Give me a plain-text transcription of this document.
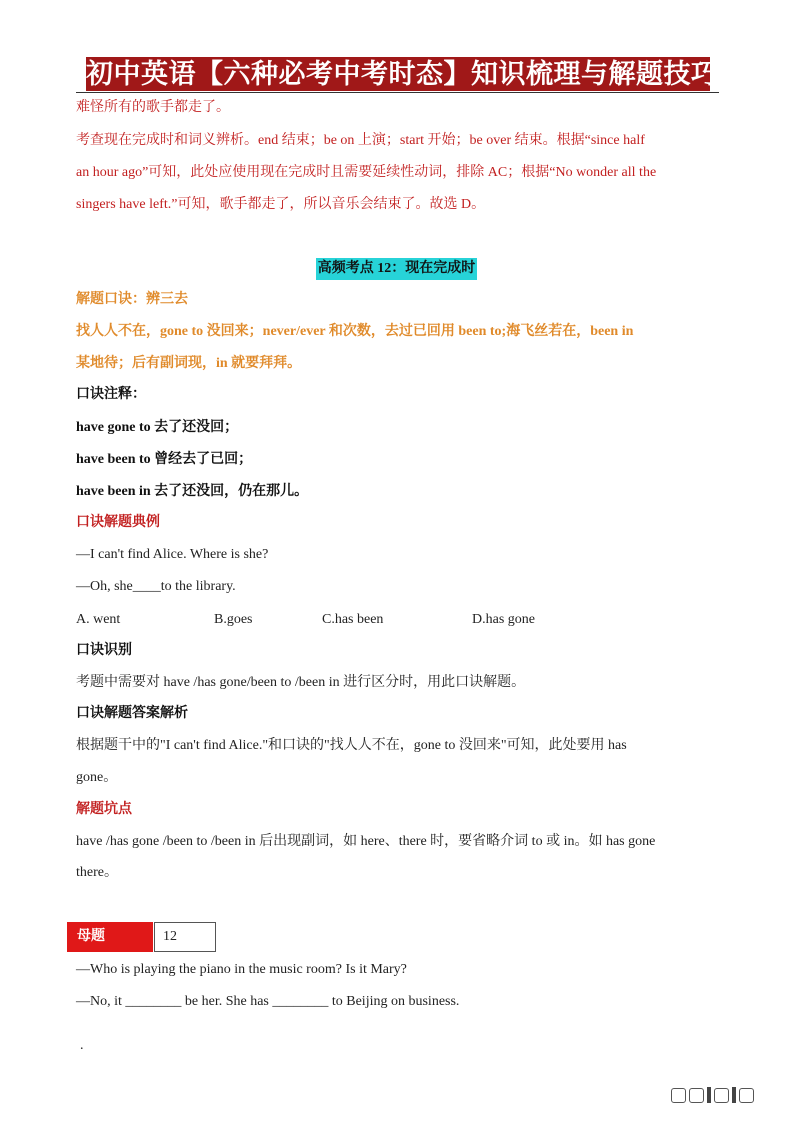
初中英语【六种必考中考时态】知识梳理与解题技巧
难怪所有的歌手都走了。
考查现在完成时和词义辨析。end 结束；be on 上演；start 开始；be over 结束。根据“since half
an hour ago”可知，此处应使用现在完成时且需要延续性动词，排除 AC；根据“No wonder all the
singers have left.”可知，歌手都走了，所以音乐会结束了。故选 D。
高频考点 12：现在完成时
解题口诀：辨三去
找人人不在，gone to 没回来；never/ever 和次数，去过已回用 been to;海飞丝若在，been in
某地待；后有副词现，in 就要拜拜。
口诀注释：
have gone to 去了还没回；
have been to 曾经去了已回；
have been in 去了还没回，仍在那儿。
口诀解题典例
—I can't find Alice. Where is she?
—Oh, she____to the library.
A. went	B.goes	C.has been	D.has gone
口诀识别
考题中需要对 have /has gone/been to /been in 进行区分时，用此口诀解题。
口诀解题答案解析
根据题干中的"I can't find Alice."和口诀的"找人人不在，gone to 没回来"可知，此处要用 has
gone。
解题坑点
have /has gone /been to /been in 后出现副词，如 here、there 时，要省略介词 to 或 in。如 has gone
there。
母题	12
—Who is playing the piano in the music room? Is it Mary?
—No, it ________ be her. She has ________ to Beijing on business.
.
